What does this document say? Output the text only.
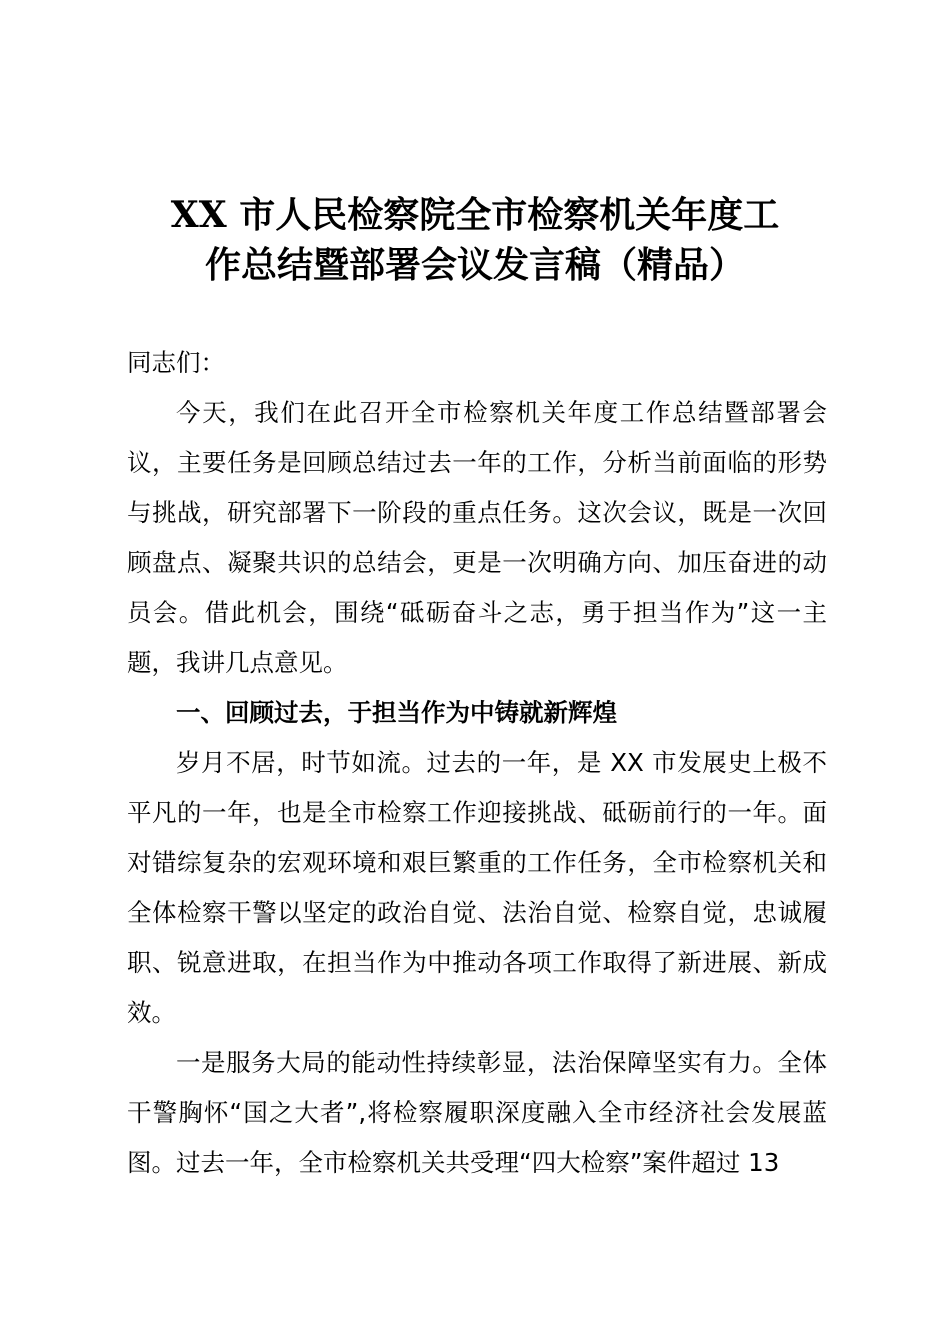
XX 市人民检察院全市检察机关年度工
作总结暨部署会议发言稿（精品）

同志们：

今天，我们在此召开全市检察机关年度工作总结暨部署会议，主要任务是回顾总结过去一年的工作，分析当前面临的形势与挑战，研究部署下一阶段的重点任务。这次会议，既是一次回顾盘点、凝聚共识的总结会，更是一次明确方向、加压奋进的动员会。借此机会，围绕“砥砺奋斗之志，勇于担当作为”这一主题，我讲几点意见。

一、回顾过去，于担当作为中铸就新辉煌

岁月不居，时节如流。过去的一年，是 XX 市发展史上极不平凡的一年，也是全市检察工作迎接挑战、砥砺前行的一年。面对错综复杂的宏观环境和艰巨繁重的工作任务，全市检察机关和全体检察干警以坚定的政治自觉、法治自觉、检察自觉，忠诚履职、锐意进取，在担当作为中推动各项工作取得了新进展、新成效。

一是服务大局的能动性持续彰显，法治保障坚实有力。全体干警胸怀“国之大者”,将检察履职深度融入全市经济社会发展蓝图。过去一年，全市检察机关共受理“四大检察”案件超过 13
